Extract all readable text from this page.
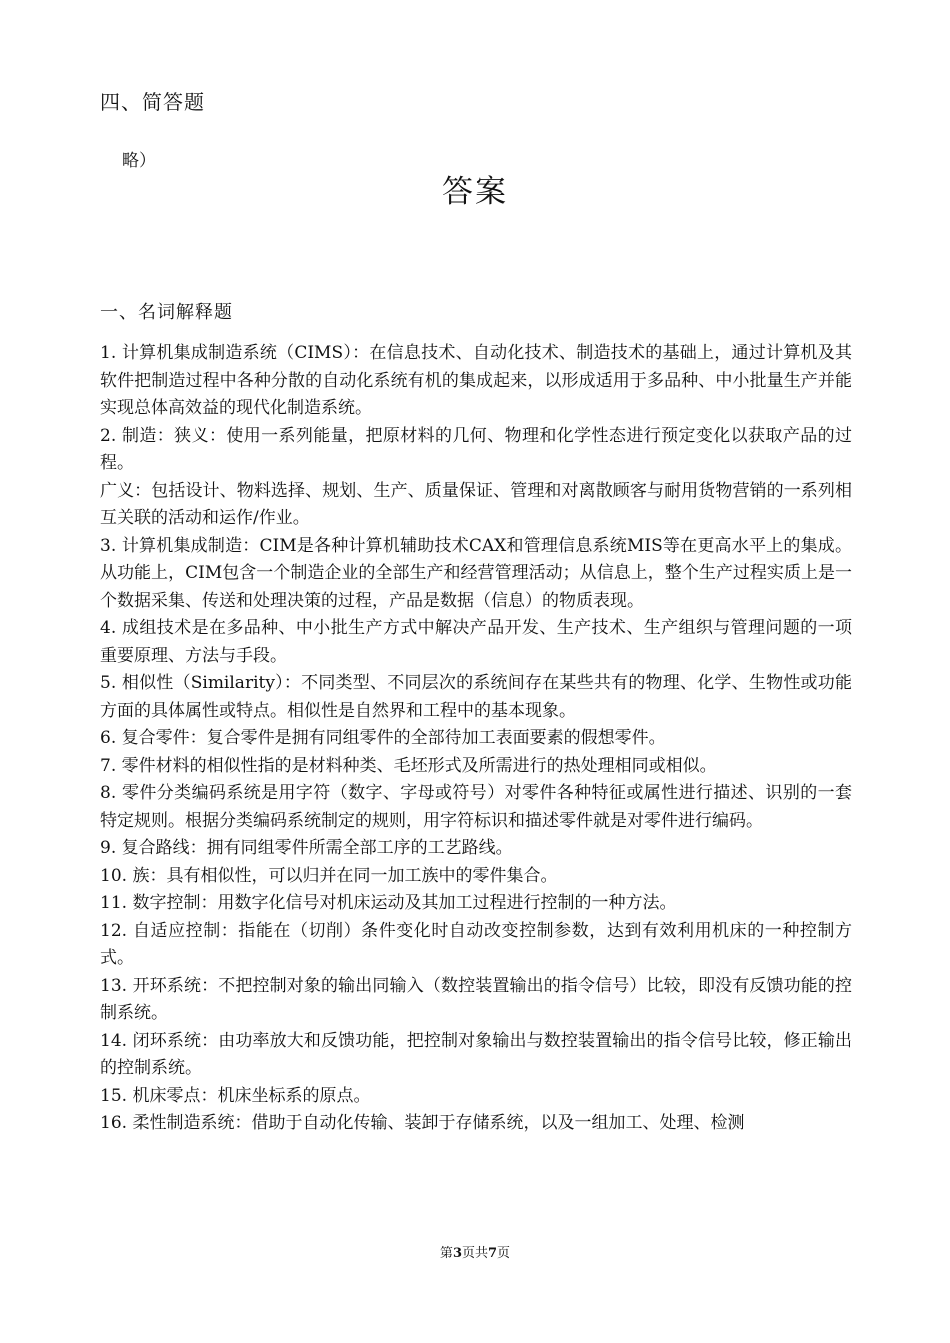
四、简答题
略）
答案
一、名词解释题

1. 计算机集成制造系统（CIMS）：在信息技术、自动化技术、制造技术的基础上，通过计算机及其软件把制造过程中各种分散的自动化系统有机的集成起来，以形成适用于多品种、中小批量生产并能实现总体高效益的现代化制造系统。

2. 制造：狭义：使用一系列能量，把原材料的几何、物理和化学性态进行预定变化以获取产品的过程。

广义：包括设计、物料选择、规划、生产、质量保证、管理和对离散顾客与耐用货物营销的一系列相互关联的活动和运作/作业。

3. 计算机集成制造：CIM是各种计算机辅助技术CAX和管理信息系统MIS等在更高水平上的集成。从功能上，CIM包含一个制造企业的全部生产和经营管理活动；从信息上，整个生产过程实质上是一个数据采集、传送和处理决策的过程，产品是数据（信息）的物质表现。

4. 成组技术是在多品种、中小批生产方式中解决产品开发、生产技术、生产组织与管理问题的一项重要原理、方法与手段。

5. 相似性（Similarity）：不同类型、不同层次的系统间存在某些共有的物理、化学、生物性或功能方面的具体属性或特点。相似性是自然界和工程中的基本现象。

6. 复合零件：复合零件是拥有同组零件的全部待加工表面要素的假想零件。

7. 零件材料的相似性指的是材料种类、毛坯形式及所需进行的热处理相同或相似。

8. 零件分类编码系统是用字符（数字、字母或符号）对零件各种特征或属性进行描述、识别的一套特定规则。根据分类编码系统制定的规则，用字符标识和描述零件就是对零件进行编码。

9. 复合路线：拥有同组零件所需全部工序的工艺路线。

10. 族：具有相似性，可以归并在同一加工族中的零件集合。

11. 数字控制：用数字化信号对机床运动及其加工过程进行控制的一种方法。

12. 自适应控制：指能在（切削）条件变化时自动改变控制参数，达到有效利用机床的一种控制方式。

13. 开环系统：不把控制对象的输出同输入（数控装置输出的指令信号）比较，即没有反馈功能的控制系统。

14. 闭环系统：由功率放大和反馈功能，把控制对象输出与数控装置输出的指令信号比较，修正输出的控制系统。

15. 机床零点：机床坐标系的原点。

16. 柔性制造系统：借助于自动化传输、装卸于存储系统，以及一组加工、处理、检测

第3页共7页
